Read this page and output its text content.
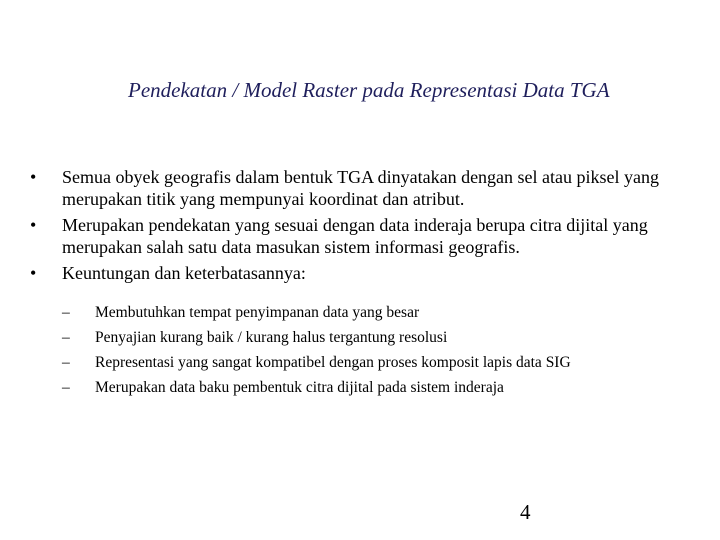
Pendekatan / Model Raster pada Representasi Data TGA
•	Semua obyek geografis dalam bentuk TGA dinyatakan dengan sel atau piksel yang merupakan titik yang mempunyai koordinat dan atribut.
•	Merupakan pendekatan yang sesuai dengan data inderaja berupa citra dijital yang merupakan salah satu data masukan sistem informasi geografis.
•	Keuntungan dan keterbatasannya:
–	Membutuhkan tempat penyimpanan data yang besar
–	Penyajian kurang baik / kurang halus tergantung resolusi
–	Representasi yang sangat kompatibel dengan proses komposit lapis data SIG
–	Merupakan data baku pembentuk citra dijital pada sistem inderaja
4
